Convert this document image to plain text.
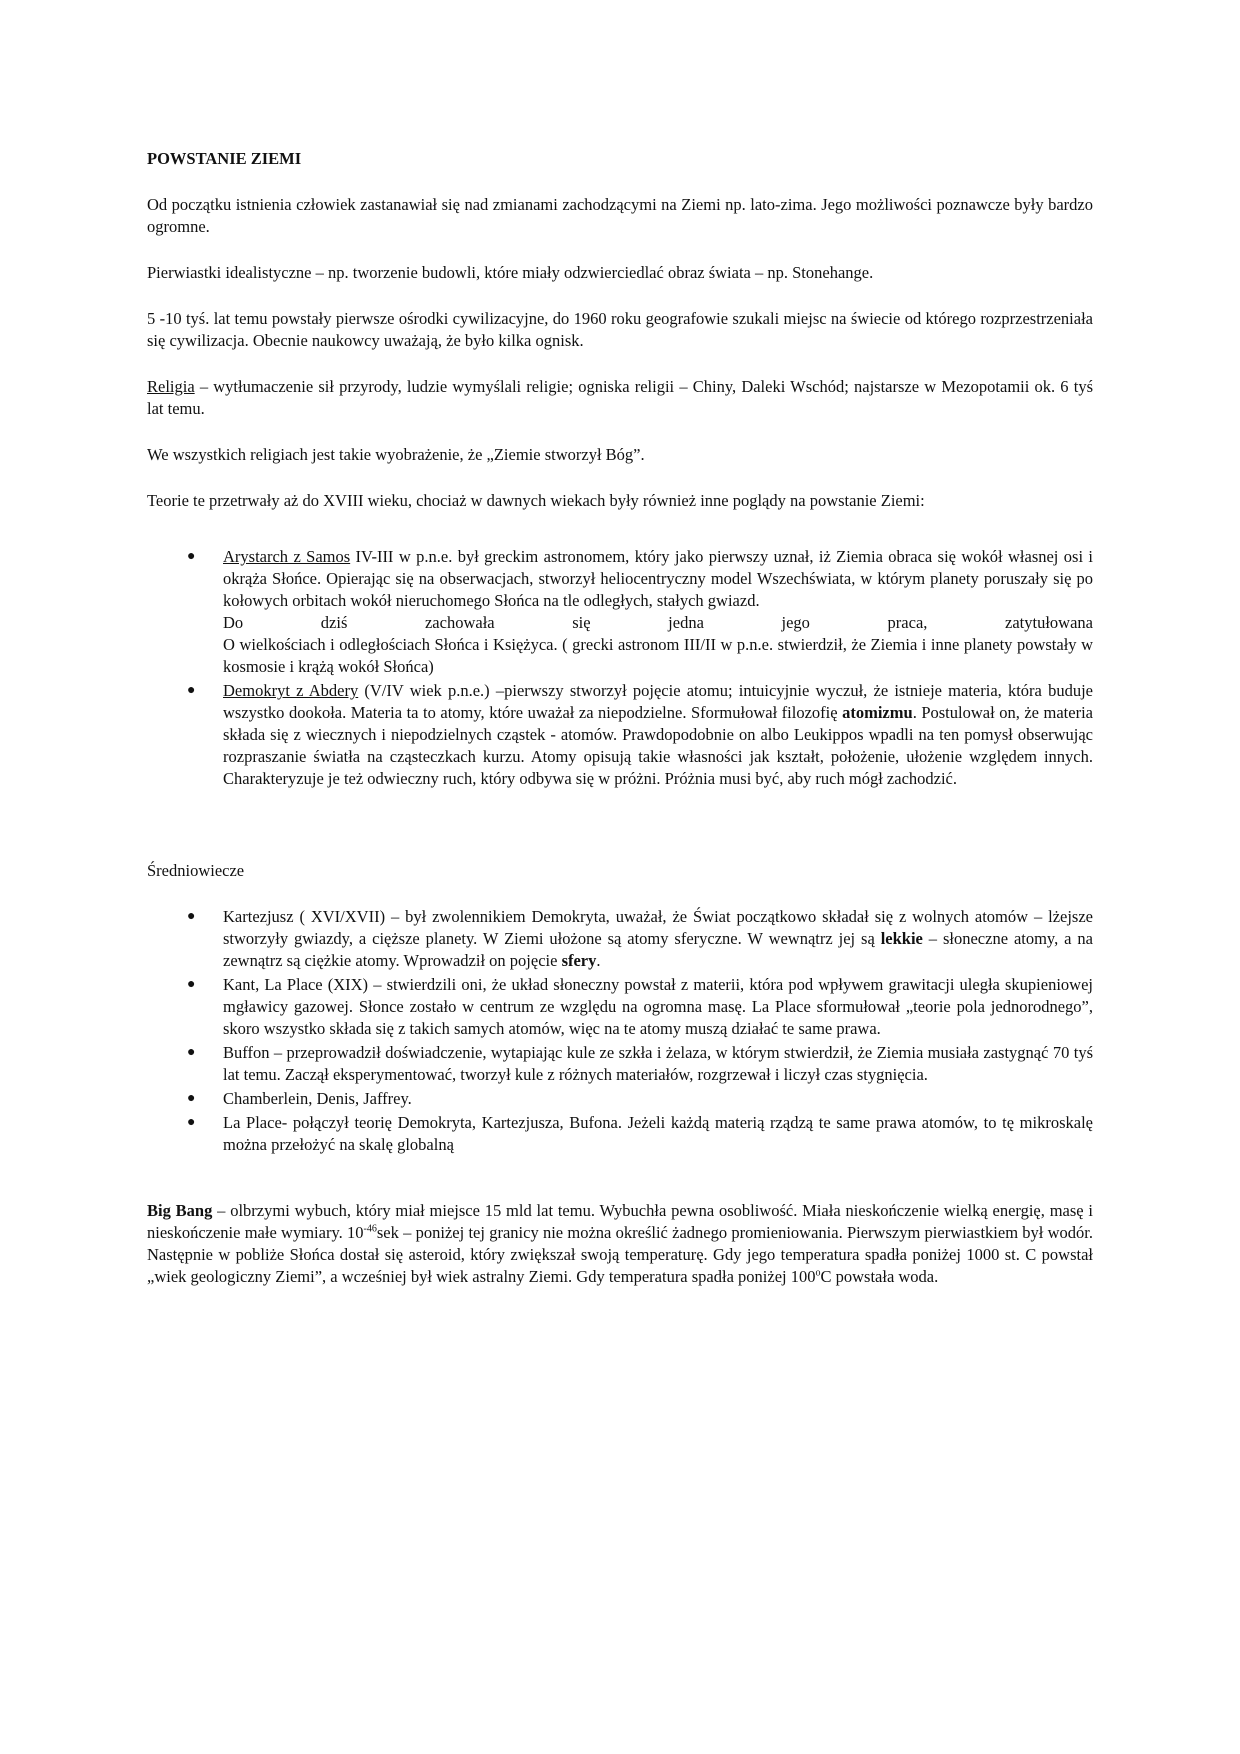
POWSTANIE ZIEMI

Od początku istnienia człowiek zastanawiał się nad zmianami zachodzącymi na Ziemi np. lato-zima. Jego możliwości poznawcze były bardzo ogromne.

Pierwiastki idealistyczne – np. tworzenie budowli, które miały odzwierciedlać obraz świata – np. Stonehange.

5 -10 tyś. lat temu powstały pierwsze ośrodki cywilizacyjne, do 1960 roku geografowie szukali miejsc na świecie od którego rozprzestrzeniała się cywilizacja. Obecnie naukowcy uważają, że było kilka ognisk.

Religia – wytłumaczenie sił przyrody, ludzie wymyślali religie; ogniska religii – Chiny, Daleki Wschód; najstarsze w Mezopotamii ok. 6 tyś lat temu.

We wszystkich religiach jest takie wyobrażenie, że „Ziemie stworzył Bóg”.

Teorie te przetrwały aż do XVIII wieku, chociaż w dawnych wiekach były również inne poglądy na powstanie Ziemi:

● Arystarch z Samos IV-III w p.n.e. był greckim astronomem, który jako pierwszy uznał, iż Ziemia obraca się wokół własnej osi i okrąża Słońce. Opierając się na obserwacjach, stworzył heliocentryczny model Wszechświata, w którym planety poruszały się po kołowych orbitach wokół nieruchomego Słońca na tle odległych, stałych gwiazd.
Do	dziś	zachowała	się	jedna	jego	praca,	zatytułowana
O wielkościach i odległościach Słońca i Księżyca. ( grecki astronom III/II w p.n.e. stwierdził, że Ziemia i inne planety powstały w kosmosie i krążą wokół Słońca)
● Demokryt z Abdery (V/IV wiek p.n.e.) –pierwszy stworzył pojęcie atomu; intuicyjnie wyczuł, że istnieje materia, która buduje wszystko dookoła. Materia ta to atomy, które uważał za niepodzielne. Sformułował filozofię atomizmu. Postulował on, że materia składa się z wiecznych i niepodzielnych cząstek - atomów. Prawdopodobnie on albo Leukippos wpadli na ten pomysł obserwując rozpraszanie światła na cząsteczkach kurzu. Atomy opisują takie własności jak kształt, położenie, ułożenie względem innych. Charakteryzuje je też odwieczny ruch, który odbywa się w próżni. Próżnia musi być, aby ruch mógł zachodzić.
Średniowiecze
● Kartezjusz ( XVI/XVII) – był zwolennikiem Demokryta, uważał, że Świat początkowo składał się z wolnych atomów – lżejsze stworzyły gwiazdy, a cięższe planety. W Ziemi ułożone są atomy sferyczne. W wewnątrz jej są lekkie – słoneczne atomy, a na zewnątrz są ciężkie atomy. Wprowadził on pojęcie sfery.
● Kant, La Place (XIX) – stwierdzili oni, że układ słoneczny powstał z materii, która pod wpływem grawitacji uległa skupieniowej mgławicy gazowej. Słonce zostało w centrum ze względu na ogromna masę. La Place sformułował „teorie pola jednorodnego”, skoro wszystko składa się z takich samych atomów, więc na te atomy muszą działać te same prawa.
● Buffon – przeprowadził doświadczenie, wytapiając kule ze szkła i żelaza, w którym stwierdził, że Ziemia musiała zastygnąć 70 tyś lat temu. Zaczął eksperymentować, tworzył kule z różnych materiałów, rozgrzewał i liczył czas stygnięcia.
● Chamberlein, Denis, Jaffrey.
● La Place- połączył teorię Demokryta, Kartezjusza, Bufona. Jeżeli każdą materią rządzą te same prawa atomów, to tę mikroskalę można przełożyć na skalę globalną

Big Bang – olbrzymi wybuch, który miał miejsce 15 mld lat temu. Wybuchła pewna osobliwość. Miała nieskończenie wielką energię, masę i nieskończenie małe wymiary. $10^{-46}sek$ – poniżej tej granicy nie można określić żadnego promieniowania. Pierwszym pierwiastkiem był wodór. Następnie w pobliże Słońca dostał się asteroid, który zwiększał swoją temperaturę. Gdy jego temperatura spadła poniżej 1000 st. C powstał „wiek geologiczny Ziemi”, a wcześniej był wiek astralny Ziemi. Gdy temperatura spadła poniżej 100$^o$C powstała woda.
